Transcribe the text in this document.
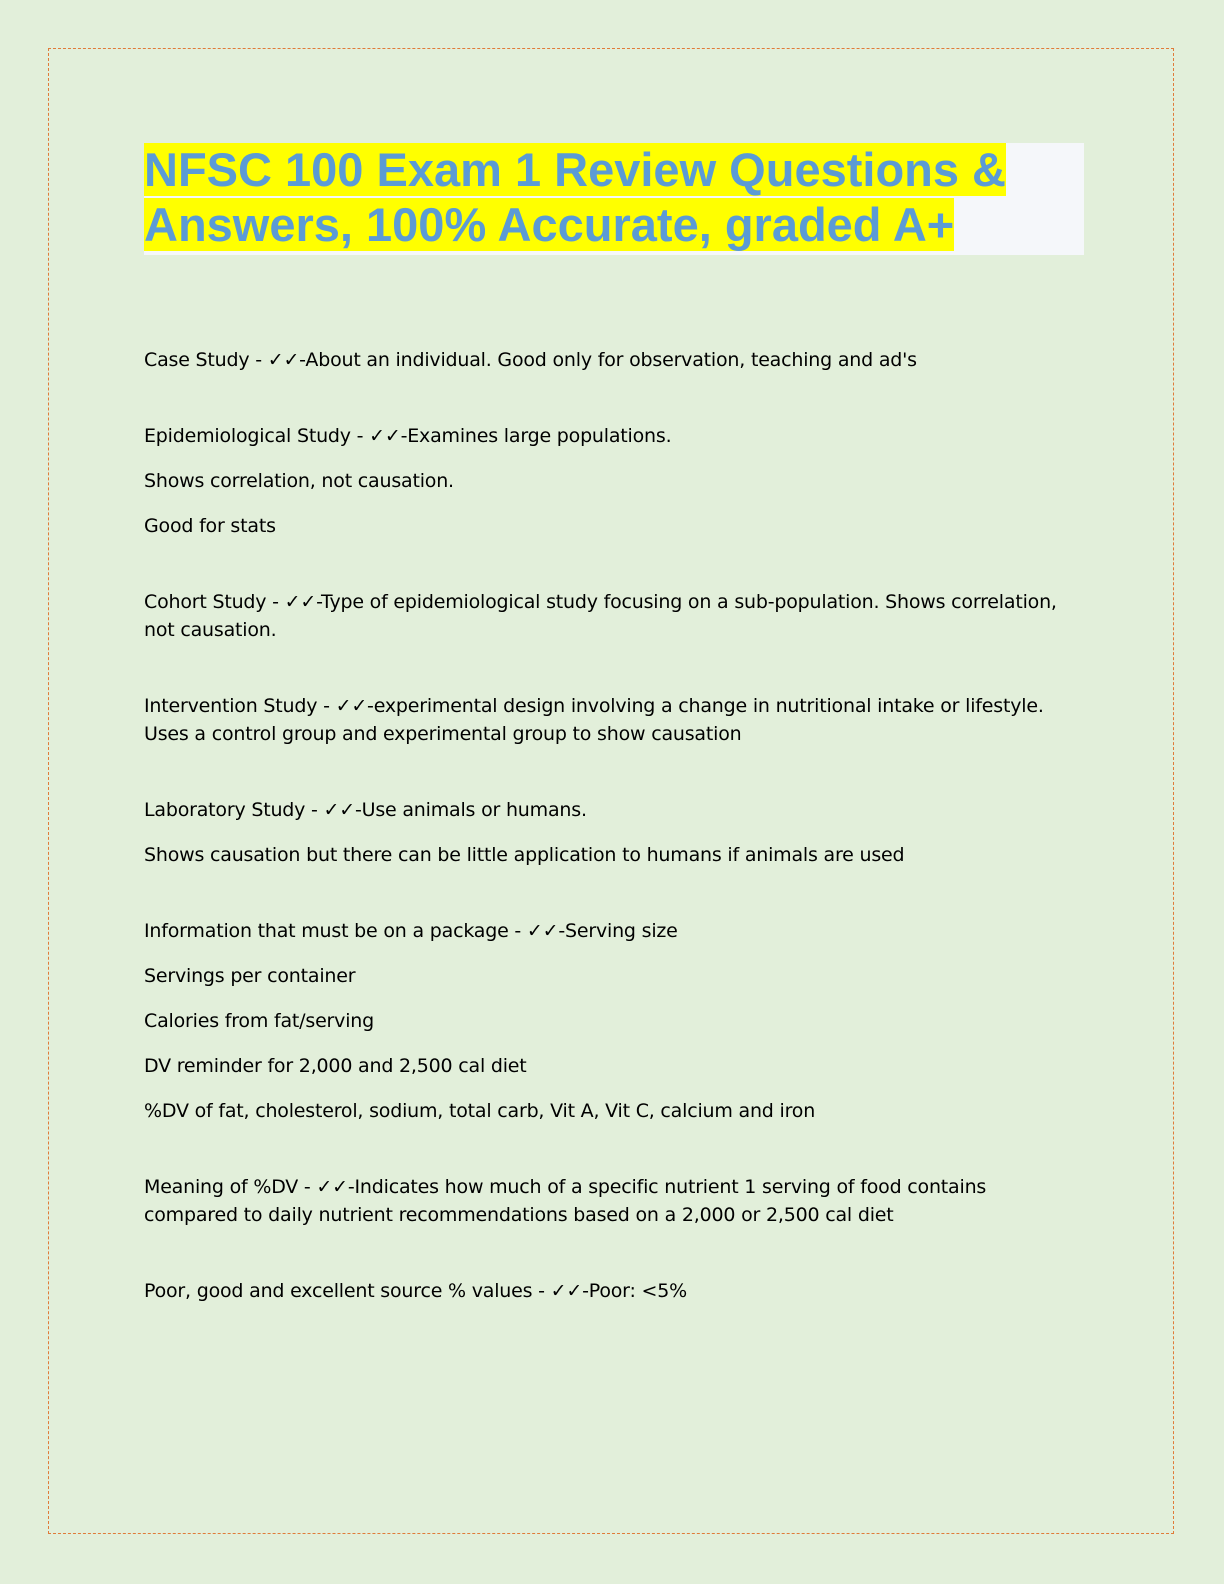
NFSC 100 Exam 1 Review Questions & Answers, 100% Accurate, graded A+

Case Study - ✓✓-About an individual. Good only for observation, teaching and ad's

Epidemiological Study - ✓✓-Examines large populations.

Shows correlation, not causation.

Good for stats

Cohort Study - ✓✓-Type of epidemiological study focusing on a sub-population. Shows correlation, not causation.

Intervention Study - ✓✓-experimental design involving a change in nutritional intake or lifestyle. Uses a control group and experimental group to show causation

Laboratory Study - ✓✓-Use animals or humans.

Shows causation but there can be little application to humans if animals are used

Information that must be on a package - ✓✓-Serving size

Servings per container

Calories from fat/serving

DV reminder for 2,000 and 2,500 cal diet

%DV of fat, cholesterol, sodium, total carb, Vit A, Vit C, calcium and iron

Meaning of %DV - ✓✓-Indicates how much of a specific nutrient 1 serving of food contains compared to daily nutrient recommendations based on a 2,000 or 2,500 cal diet

Poor, good and excellent source % values - ✓✓-Poor: <5%
